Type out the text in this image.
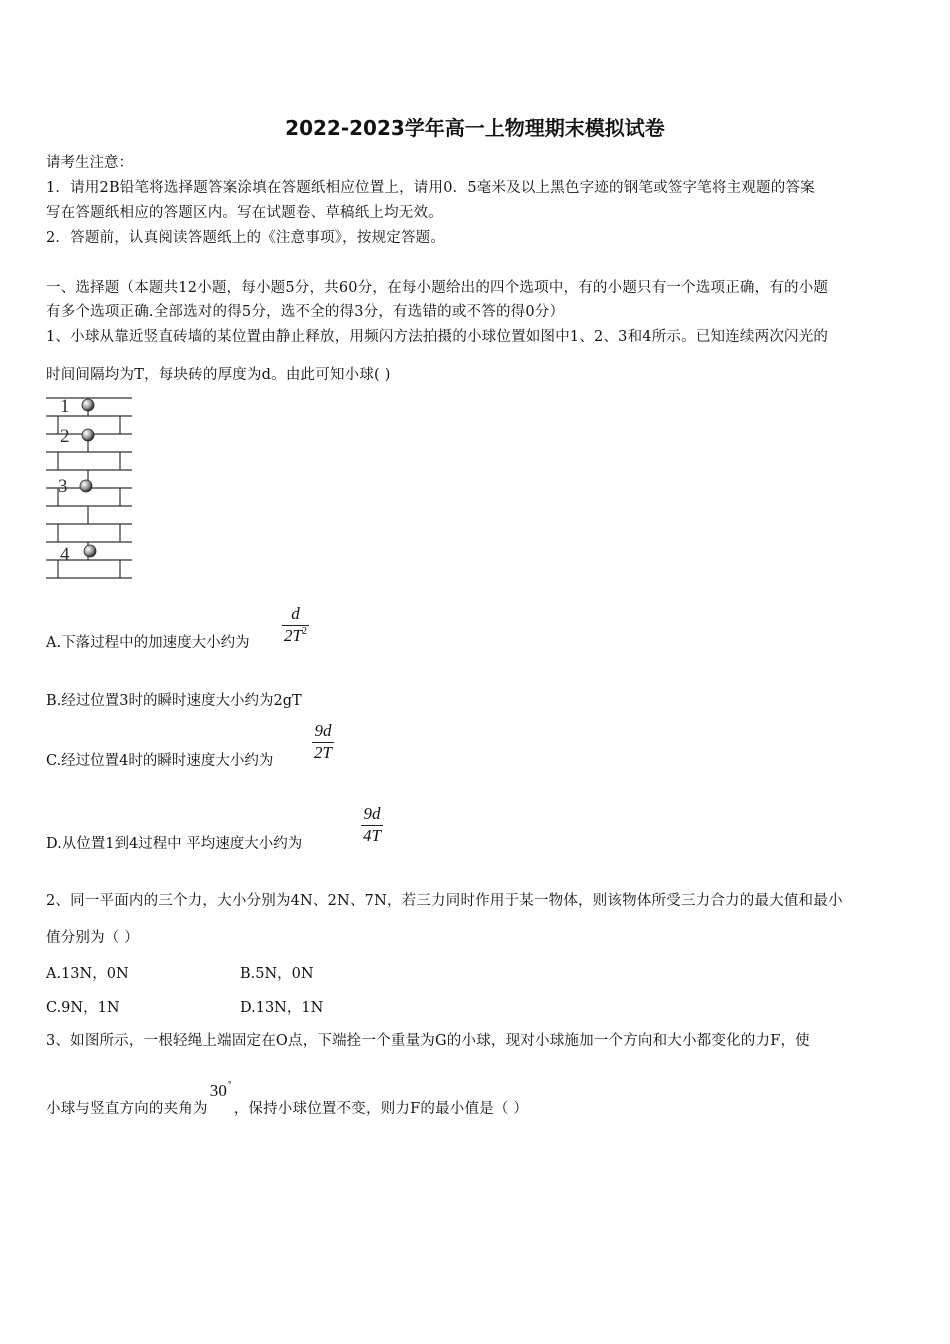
2022-2023学年高一上物理期末模拟试卷
请考生注意：
1．请用2B铅笔将选择题答案涂填在答题纸相应位置上，请用0．5毫米及以上黑色字迹的钢笔或签字笔将主观题的答案
写在答题纸相应的答题区内。写在试题卷、草稿纸上均无效。
2．答题前，认真阅读答题纸上的《注意事项》，按规定答题。
一、选择题（本题共12小题，每小题5分，共60分，在每小题给出的四个选项中，有的小题只有一个选项正确，有的小题
有多个选项正确.全部选对的得5分，选不全的得3分，有选错的或不答的得0分）
1、小球从靠近竖直砖墙的某位置由静止释放，用频闪方法拍摄的小球位置如图中1、2、3和4所示。已知连续两次闪光的
时间间隔均为T，每块砖的厚度为d。由此可知小球( )
1
2
3
4
A.下落过程中的加速度大小约为
d
$2T^2$
B.经过位置3时的瞬时速度大小约为2gT
C.经过位置4时的瞬时速度大小约为
9d
2T
D.从位置1到4过程中 平均速度大小约为
9d
4T
2、同一平面内的三个力，大小分别为4N、2N、7N，若三力同时作用于某一物体，则该物体所受三力合力的最大值和最小
值分别为（ ）
A.13N，0N	B.5N，0N
C.9N，1N	D.13N，1N
3、如图所示，一根轻绳上端固定在O点，下端拴一个重量为G的小球，现对小球施加一个方向和大小都变化的力F，使
小球与竖直方向的夹角为
30 °
，保持小球位置不变，则力F的最小值是（ ）
